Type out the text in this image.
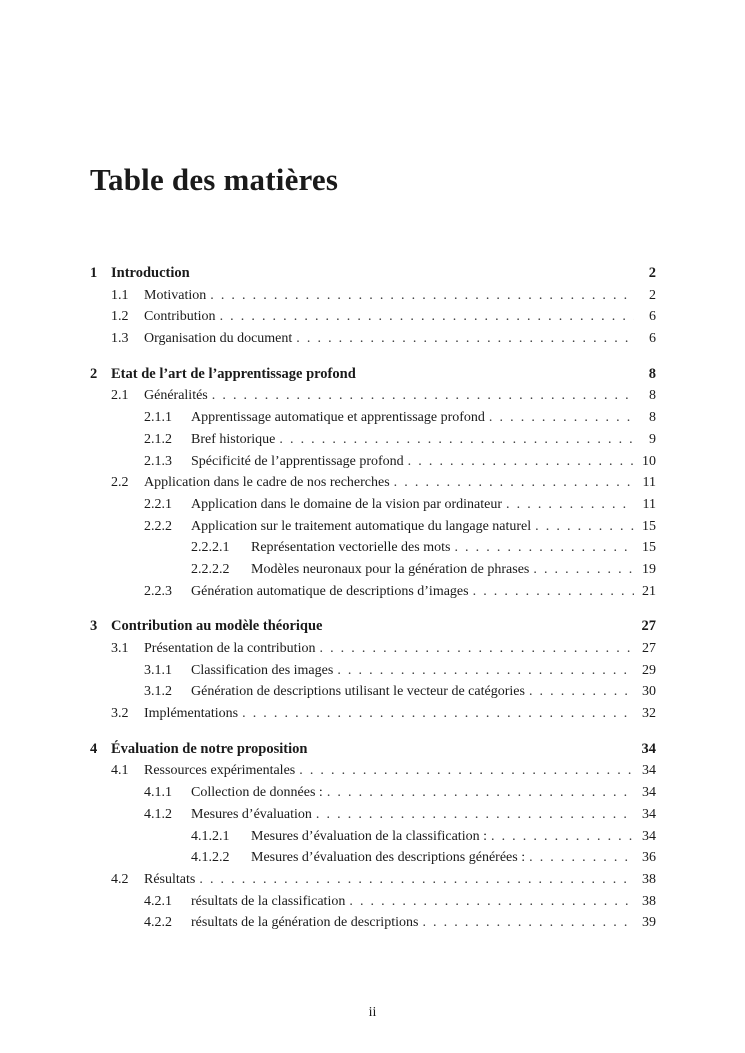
Table des matières
1 Introduction	2
1.1	Motivation . . .	2
1.2	Contribution . . .	6
1.3	Organisation du document . . .	6
2 Etat de l’art de l’apprentissage profond	8
2.1	Généralités . . .	8
2.1.1	Apprentissage automatique et apprentissage profond . . .	8
2.1.2	Bref historique . . .	9
2.1.3	Spécificité de l’apprentissage profond . . .	10
2.2	Application dans le cadre de nos recherches . . .	11
2.2.1	Application dans le domaine de la vision par ordinateur . . .	11
2.2.2	Application sur le traitement automatique du langage naturel . . .	15
2.2.2.1	Représentation vectorielle des mots . . .	15
2.2.2.2	Modèles neuronaux pour la génération de phrases . . .	19
2.2.3	Génération automatique de descriptions d’images . . .	21
3 Contribution au modèle théorique	27
3.1	Présentation de la contribution . . .	27
3.1.1	Classification des images . . .	29
3.1.2	Génération de descriptions utilisant le vecteur de catégories . . .	30
3.2	Implémentations . . .	32
4 Évaluation de notre proposition	34
4.1	Ressources expérimentales . . .	34
4.1.1	Collection de données : . . .	34
4.1.2	Mesures d’évaluation . . .	34
4.1.2.1	Mesures d’évaluation de la classification : . . .	34
4.1.2.2	Mesures d’évaluation des descriptions générées : . . .	36
4.2	Résultats . . .	38
4.2.1	résultats de la classification . . .	38
4.2.2	résultats de la génération de descriptions . . .	39
ii
